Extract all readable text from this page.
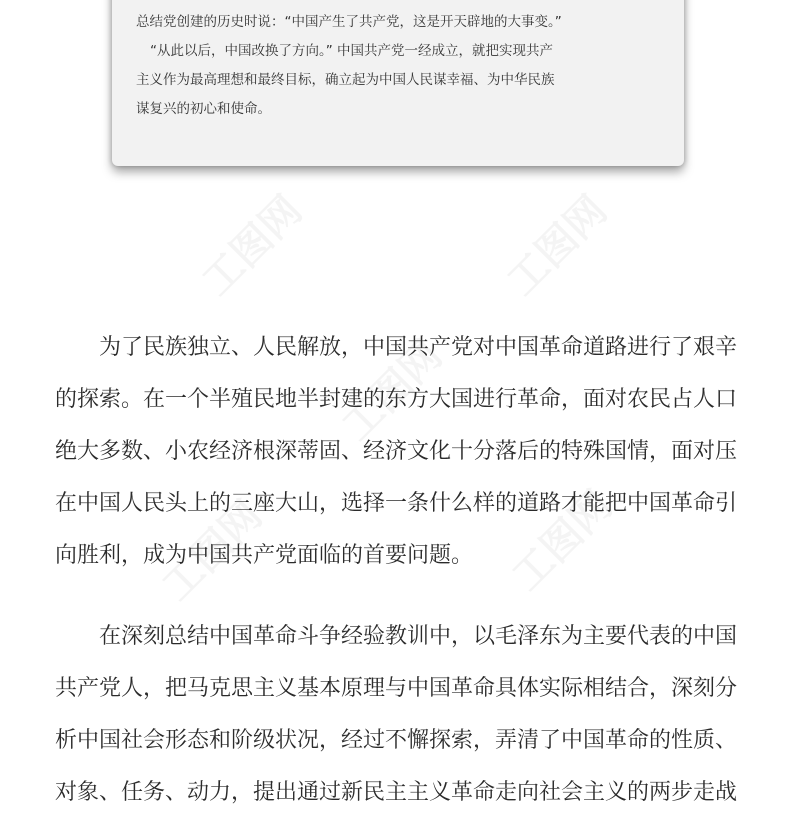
总结党创建的历史时说：“中国产生了共产党，这是开天辟地的大事变。”
“从此以后，中国改换了方向。” 中国共产党一经成立，就把实现共产
主义作为最高理想和最终目标，确立起为中国人民谋幸福、为中华民族
谋复兴的初心和使命。
为了民族独立、人民解放，中国共产党对中国革命道路进行了艰辛
的探索。在一个半殖民地半封建的东方大国进行革命，面对农民占人口
绝大多数、小农经济根深蒂固、经济文化十分落后的特殊国情，面对压
在中国人民头上的三座大山，选择一条什么样的道路才能把中国革命引
向胜利，成为中国共产党面临的首要问题。
在深刻总结中国革命斗争经验教训中，以毛泽东为主要代表的中国
共产党人，把马克思主义基本原理与中国革命具体实际相结合，深刻分
析中国社会形态和阶级状况，经过不懈探索，弄清了中国革命的性质、
对象、任务、动力，提出通过新民主主义革命走向社会主义的两步走战
